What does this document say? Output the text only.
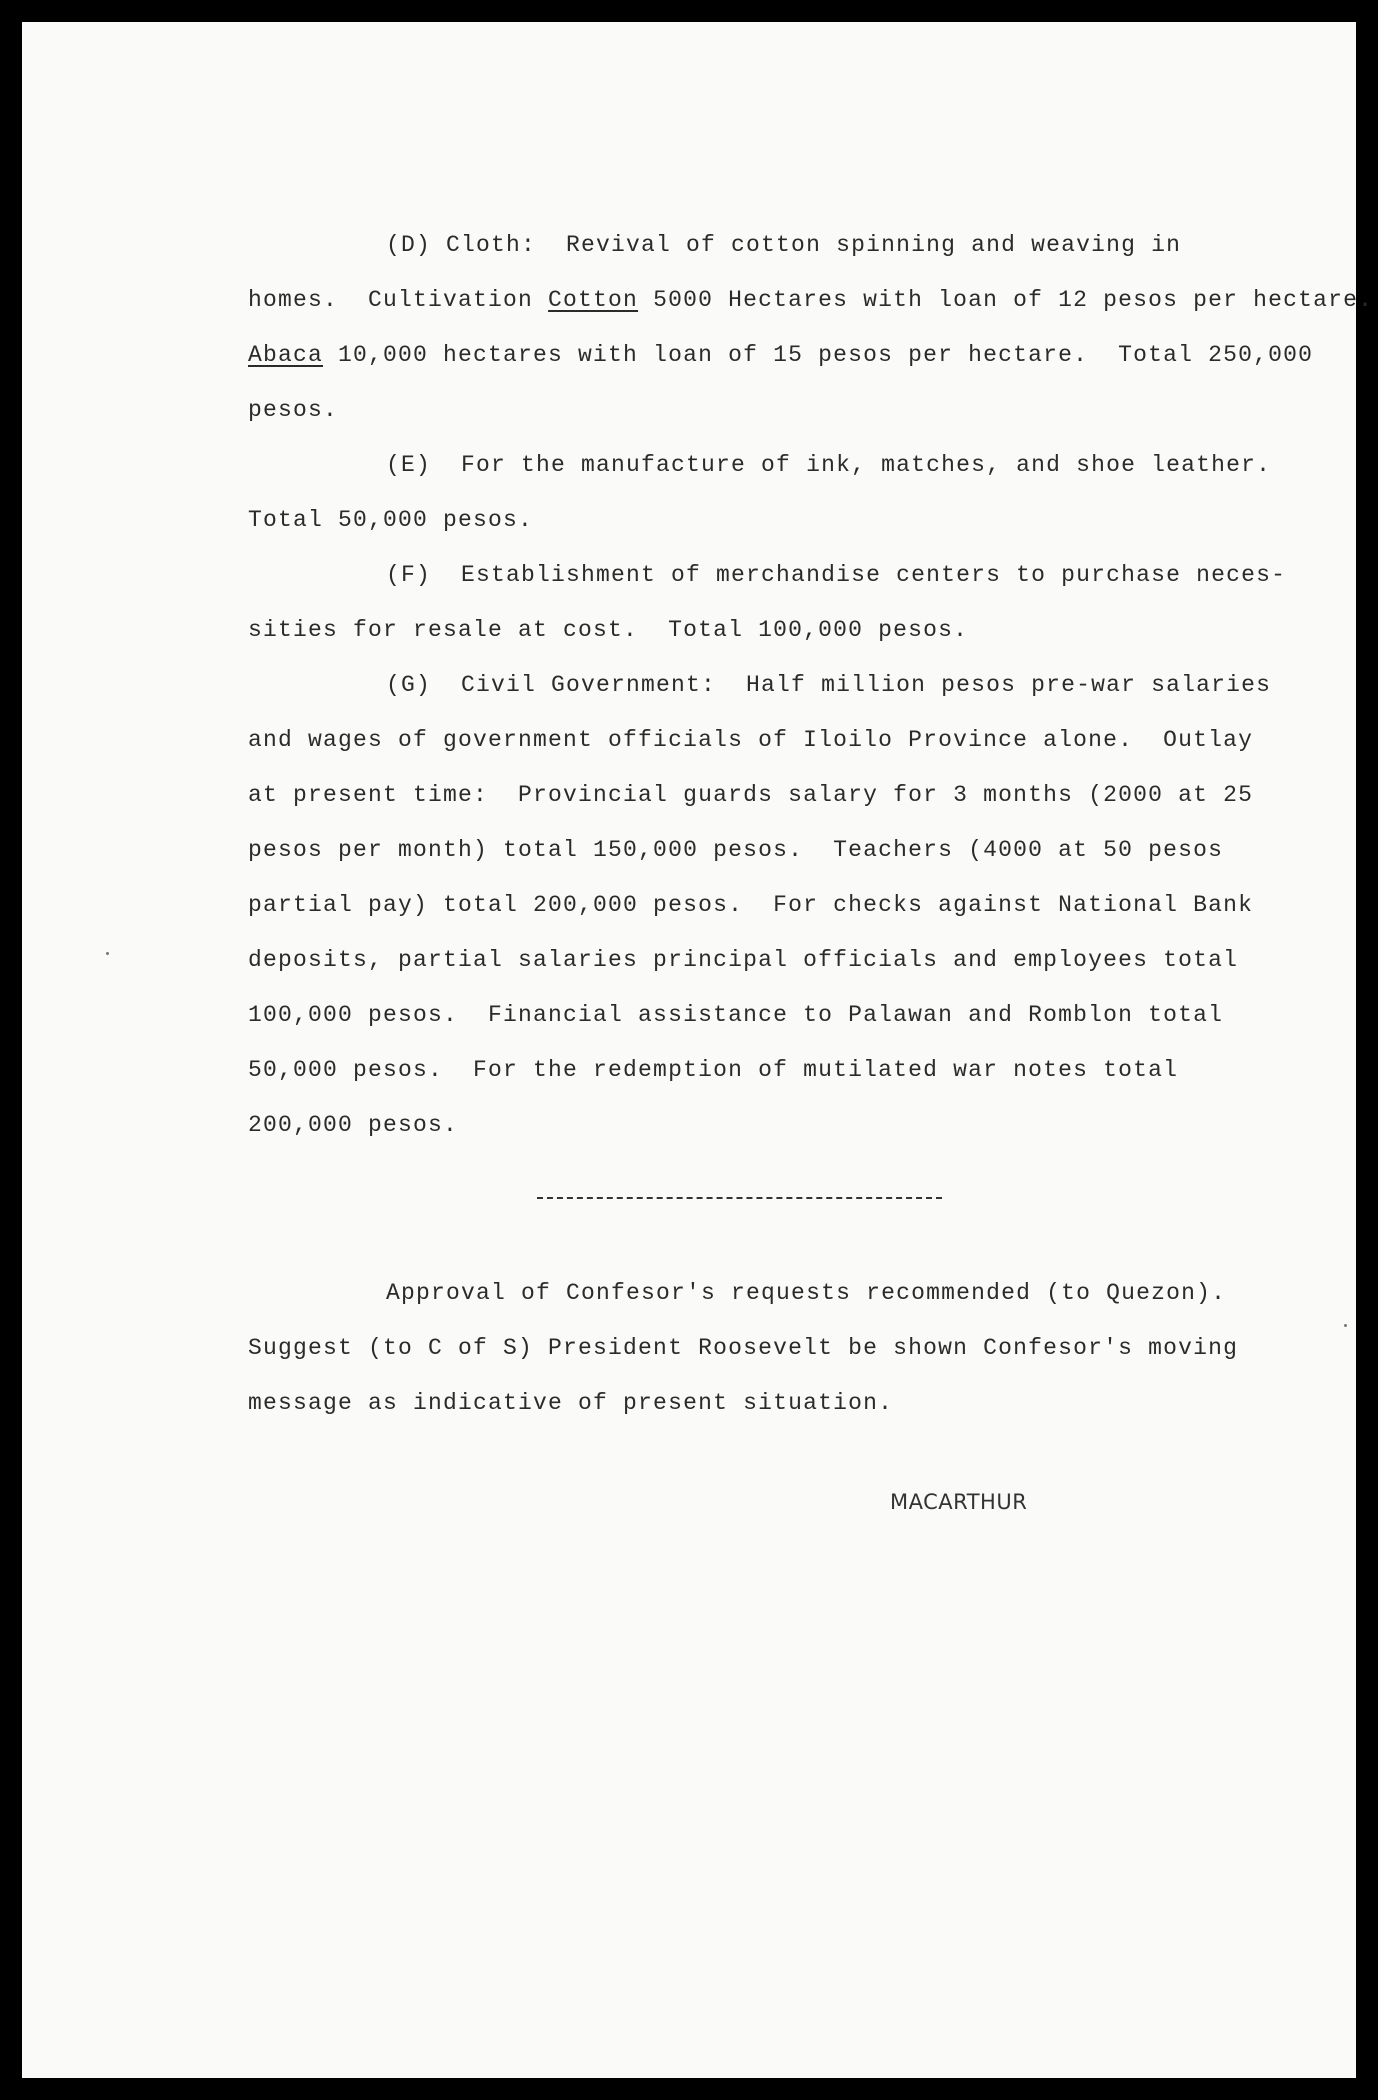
(D) Cloth:  Revival of cotton spinning and weaving in
homes.  Cultivation Cotton 5000 Hectares with loan of 12 pesos per hectare.
Abaca 10,000 hectares with loan of 15 pesos per hectare.  Total 250,000
pesos.
(E)  For the manufacture of ink, matches, and shoe leather.
Total 50,000 pesos.
(F)  Establishment of merchandise centers to purchase neces-
sities for resale at cost.  Total 100,000 pesos.
(G)  Civil Government:  Half million pesos pre-war salaries
and wages of government officials of Iloilo Province alone.  Outlay
at present time:  Provincial guards salary for 3 months (2000 at 25
pesos per month) total 150,000 pesos.  Teachers (4000 at 50 pesos
partial pay) total 200,000 pesos.  For checks against National Bank
deposits, partial salaries principal officials and employees total
100,000 pesos.  Financial assistance to Palawan and Romblon total
50,000 pesos.  For the redemption of mutilated war notes total
200,000 pesos.
Approval of Confesor's requests recommended (to Quezon).
Suggest (to C of S) President Roosevelt be shown Confesor's moving
message as indicative of present situation.
MACARTHUR
